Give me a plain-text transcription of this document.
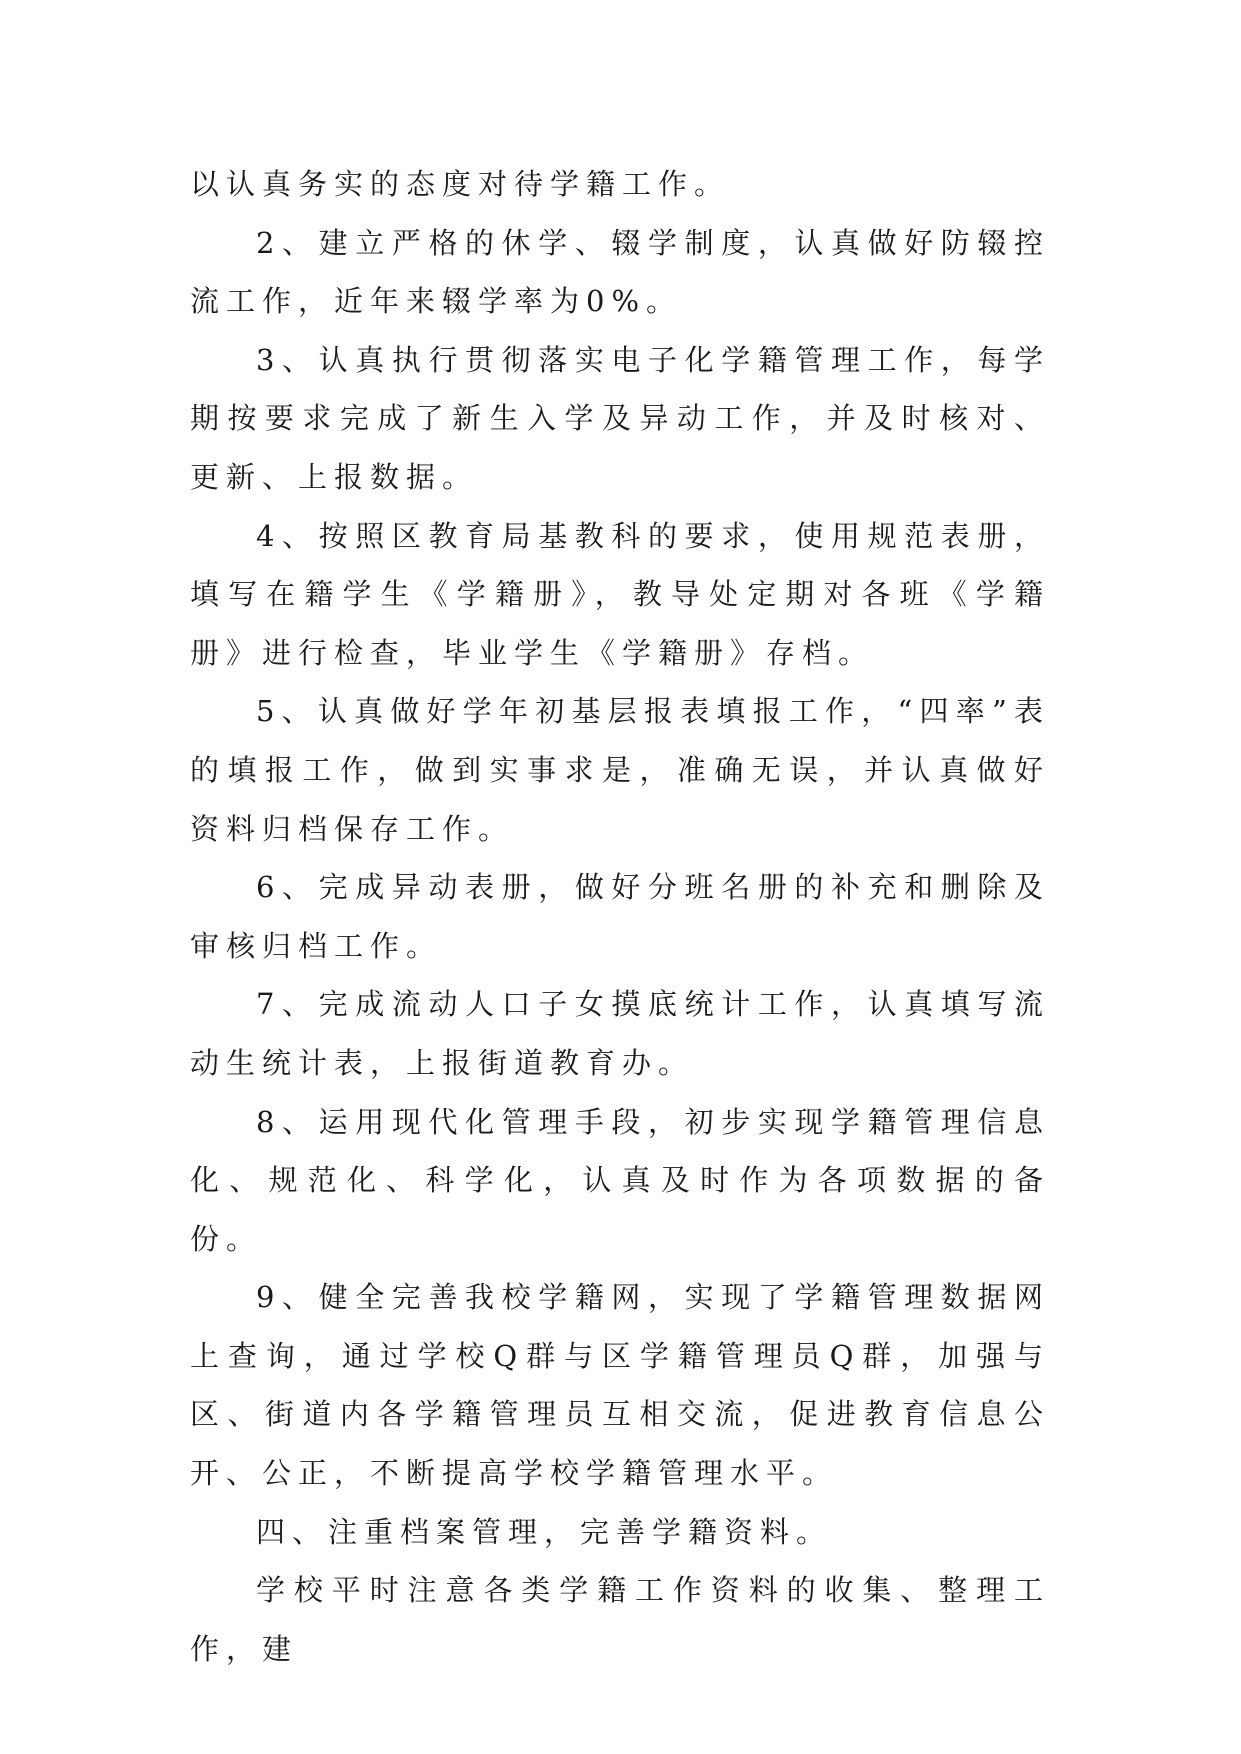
以认真务实的态度对待学籍工作。

2、建立严格的休学、辍学制度，认真做好防辍控流工作，近年来辍学率为0%。

3、认真执行贯彻落实电子化学籍管理工作，每学期按要求完成了新生入学及异动工作，并及时核对、更新、上报数据。

4、按照区教育局基教科的要求，使用规范表册，填写在籍学生《学籍册》，教导处定期对各班《学籍册》进行检查，毕业学生《学籍册》存档。

5、认真做好学年初基层报表填报工作，“四率”表的填报工作，做到实事求是，准确无误，并认真做好资料归档保存工作。

6、完成异动表册，做好分班名册的补充和删除及审核归档工作。

7、完成流动人口子女摸底统计工作，认真填写流动生统计表，上报街道教育办。

8、运用现代化管理手段，初步实现学籍管理信息化、规范化、科学化，认真及时作为各项数据的备份。

9、健全完善我校学籍网，实现了学籍管理数据网上查询，通过学校Q群与区学籍管理员Q群，加强与区、街道内各学籍管理员互相交流，促进教育信息公开、公正，不断提高学校学籍管理水平。

四、注重档案管理，完善学籍资料。

学校平时注意各类学籍工作资料的收集、整理工作，建
